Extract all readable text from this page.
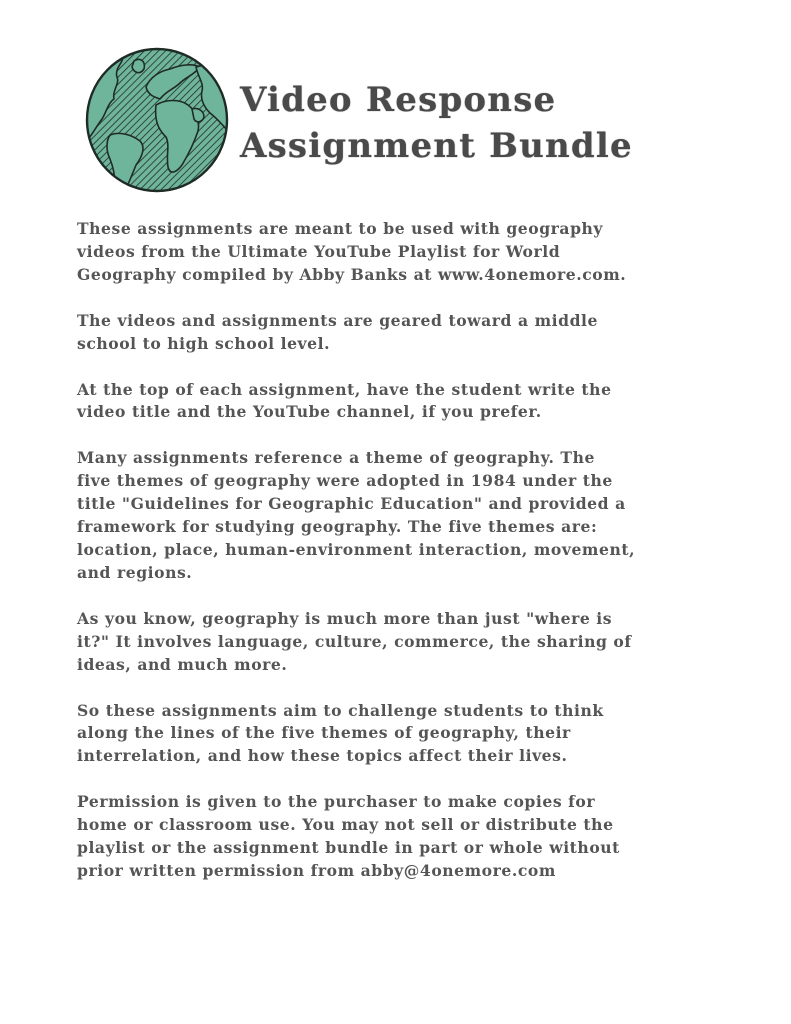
Video Response
Assignment Bundle

These assignments are meant to be used with geography
videos from the Ultimate YouTube Playlist for World
Geography compiled by Abby Banks at www.4onemore.com.

The videos and assignments are geared toward a middle
school to high school level.

At the top of each assignment, have the student write the
video title and the YouTube channel, if you prefer.

Many assignments reference a theme of geography. The
five themes of geography were adopted in 1984 under the
title "Guidelines for Geographic Education" and provided a
framework for studying geography. The five themes are:
location, place, human-environment interaction, movement,
and regions.

As you know, geography is much more than just "where is
it?" It involves language, culture, commerce, the sharing of
ideas, and much more.

So these assignments aim to challenge students to think
along the lines of the five themes of geography, their
interrelation, and how these topics affect their lives.

Permission is given to the purchaser to make copies for
home or classroom use. You may not sell or distribute the
playlist or the assignment bundle in part or whole without
prior written permission from abby@4onemore.com
